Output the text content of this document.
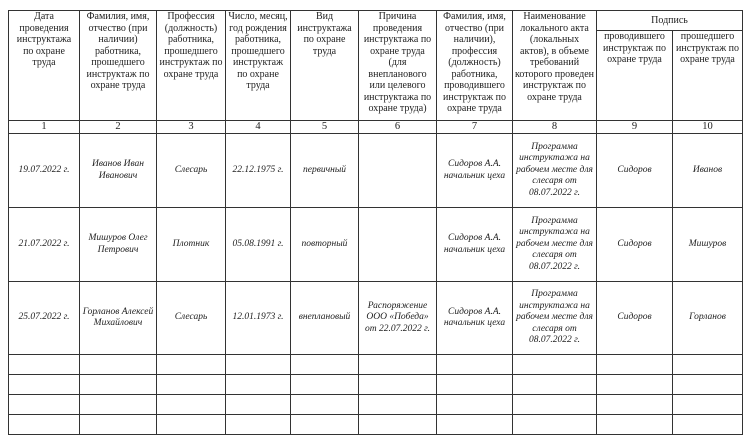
Дата проведения инструктажа по охране труда	Фамилия, имя, отчество (при наличии) работника, прошедшего инструктаж по охране труда	Профессия (должность) работника, прошедшего инструктаж по охране труда	Число, месяц, год рождения работника, прошедшего инструктаж по охране труда	Вид инструктажа по охране труда	Причина проведения инструктажа по охране труда (для внепланового или целевого инструктажа по охране труда)	Фамилия, имя, отчество (при наличии), профессия (должность) работника, проводившего инструктаж по охране труда	Наименование локального акта (локальных актов), в объеме требований которого проведен инструктаж по охране труда	Подпись	
								проводившего инструктаж по охране труда	прошедшего инструктаж по охране труда
1	2	3	4	5	6	7	8	9	10
19.07.2022 г.	Иванов Иван Иванович	Слесарь	22.12.1975 г.	первичный		Сидоров А.А. начальник цеха	Программа инструктажа на рабочем месте для слесаря от 08.07.2022 г.	Сидоров	Иванов
21.07.2022 г.	Мишуров Олег Петрович	Плотник	05.08.1991 г.	повторный		Сидоров А.А. начальник цеха	Программа инструктажа на рабочем месте для слесаря от 08.07.2022 г.	Сидоров	Мишуров
25.07.2022 г.	Горланов Алексей Михайлович	Слесарь	12.01.1973 г.	внеплановый	Распоряжение ООО «Победа» от 22.07.2022 г.	Сидоров А.А. начальник цеха	Программа инструктажа на рабочем месте для слесаря от 08.07.2022 г.	Сидоров	Горланов
